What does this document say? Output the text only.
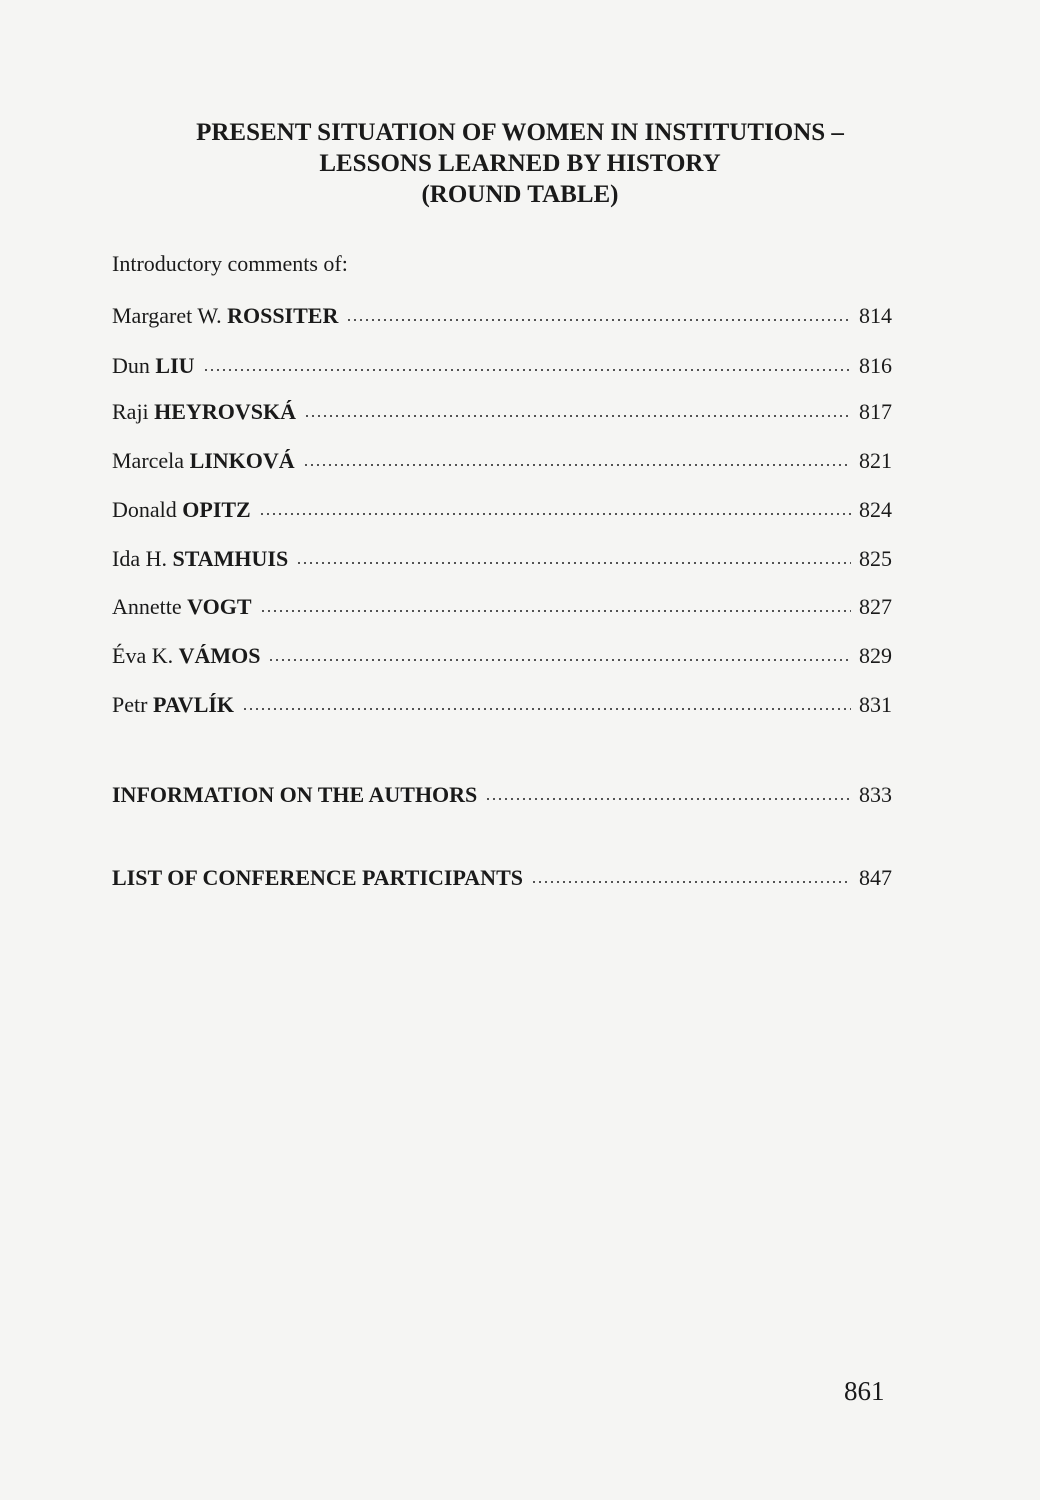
PRESENT SITUATION OF WOMEN IN INSTITUTIONS –
LESSONS LEARNED BY HISTORY
(ROUND TABLE)
Introductory comments of:
Margaret W. ROSSITER	814
Dun LIU	816
Raji HEYROVSKÁ	817
Marcela LINKOVÁ	821
Donald OPITZ	824
Ida H. STAMHUIS	825
Annette VOGT	827
Éva K. VÁMOS	829
Petr PAVLÍK	831
INFORMATION ON THE AUTHORS	833
LIST OF CONFERENCE PARTICIPANTS	847
861
